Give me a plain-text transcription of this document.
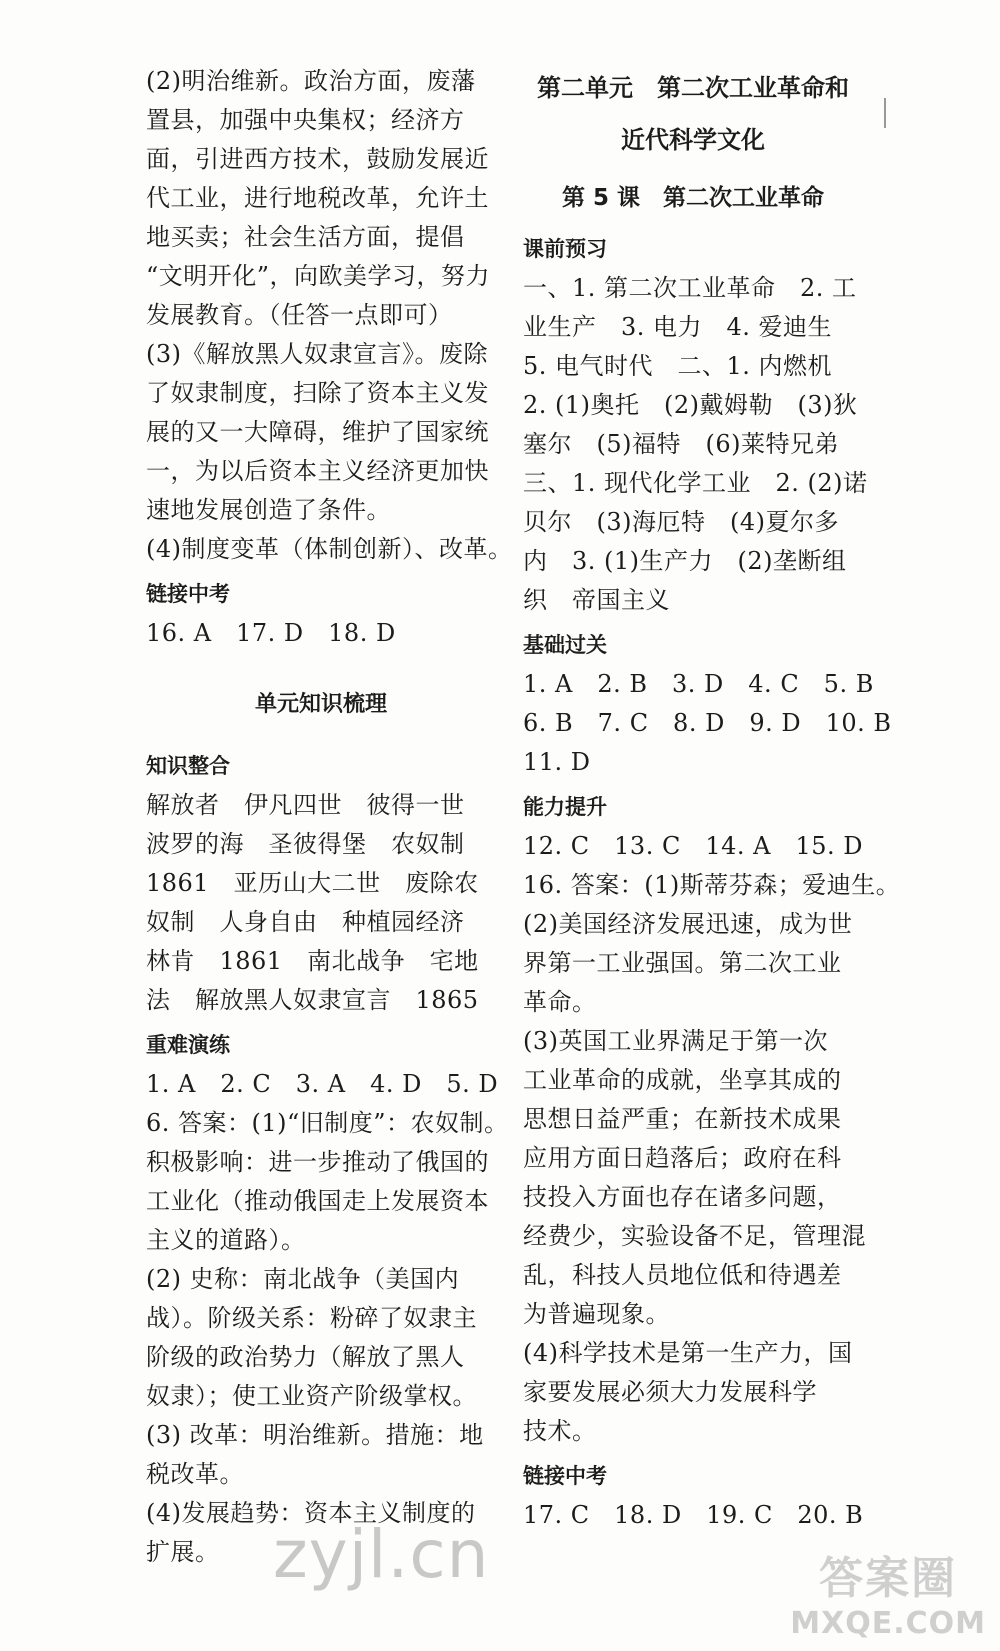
(2)明治维新。政治方面，废藩
置县，加强中央集权；经济方
面，引进西方技术，鼓励发展近
代工业，进行地税改革，允许土
地买卖；社会生活方面，提倡
“文明开化”，向欧美学习，努力
发展教育。（任答一点即可）
(3)《解放黑人奴隶宣言》。废除
了奴隶制度，扫除了资本主义发
展的又一大障碍，维护了国家统
一，为以后资本主义经济更加快
速地发展创造了条件。
(4)制度变革（体制创新）、改革。
链接中考
16. A　17. D　18. D
单元知识梳理
知识整合
解放者　伊凡四世　彼得一世
波罗的海　圣彼得堡　农奴制
1861　亚历山大二世　废除农
奴制　人身自由　种植园经济
林肯　1861　南北战争　宅地
法　解放黑人奴隶宣言　1865
重难演练
1. A　2. C　3. A　4. D　5. D
6. 答案：(1)“旧制度”：农奴制。
积极影响：进一步推动了俄国的
工业化（推动俄国走上发展资本
主义的道路）。
(2) 史称：南北战争（美国内
战）。阶级关系：粉碎了奴隶主
阶级的政治势力（解放了黑人
奴隶）；使工业资产阶级掌权。
(3) 改革：明治维新。措施：地
税改革。
(4)发展趋势：资本主义制度的
扩展。
第二单元　第二次工业革命和
近代科学文化
第 5 课　第二次工业革命
课前预习
一、1. 第二次工业革命　2. 工
业生产　3. 电力　4. 爱迪生
5. 电气时代　二、1. 内燃机
2. (1)奥托　(2)戴姆勒　(3)狄
塞尔　(5)福特　(6)莱特兄弟
三、1. 现代化学工业　2. (2)诺
贝尔　(3)海厄特　(4)夏尔多
内　3. (1)生产力　(2)垄断组
织　帝国主义
基础过关
1. A　2. B　3. D　4. C　5. B
6. B　7. C　8. D　9. D　10. B
11. D
能力提升
12. C　13. C　14. A　15. D
16. 答案：(1)斯蒂芬森；爱迪生。
(2)美国经济发展迅速，成为世
界第一工业强国。第二次工业
革命。
(3)英国工业界满足于第一次
工业革命的成就，坐享其成的
思想日益严重；在新技术成果
应用方面日趋落后；政府在科
技投入方面也存在诸多问题，
经费少，实验设备不足，管理混
乱，科技人员地位低和待遇差
为普遍现象。
(4)科学技术是第一生产力，国
家要发展必须大力发展科学
技术。
链接中考
17. C　18. D　19. C　20. B
zyjl.cn	答案圈
MXQE.COM
